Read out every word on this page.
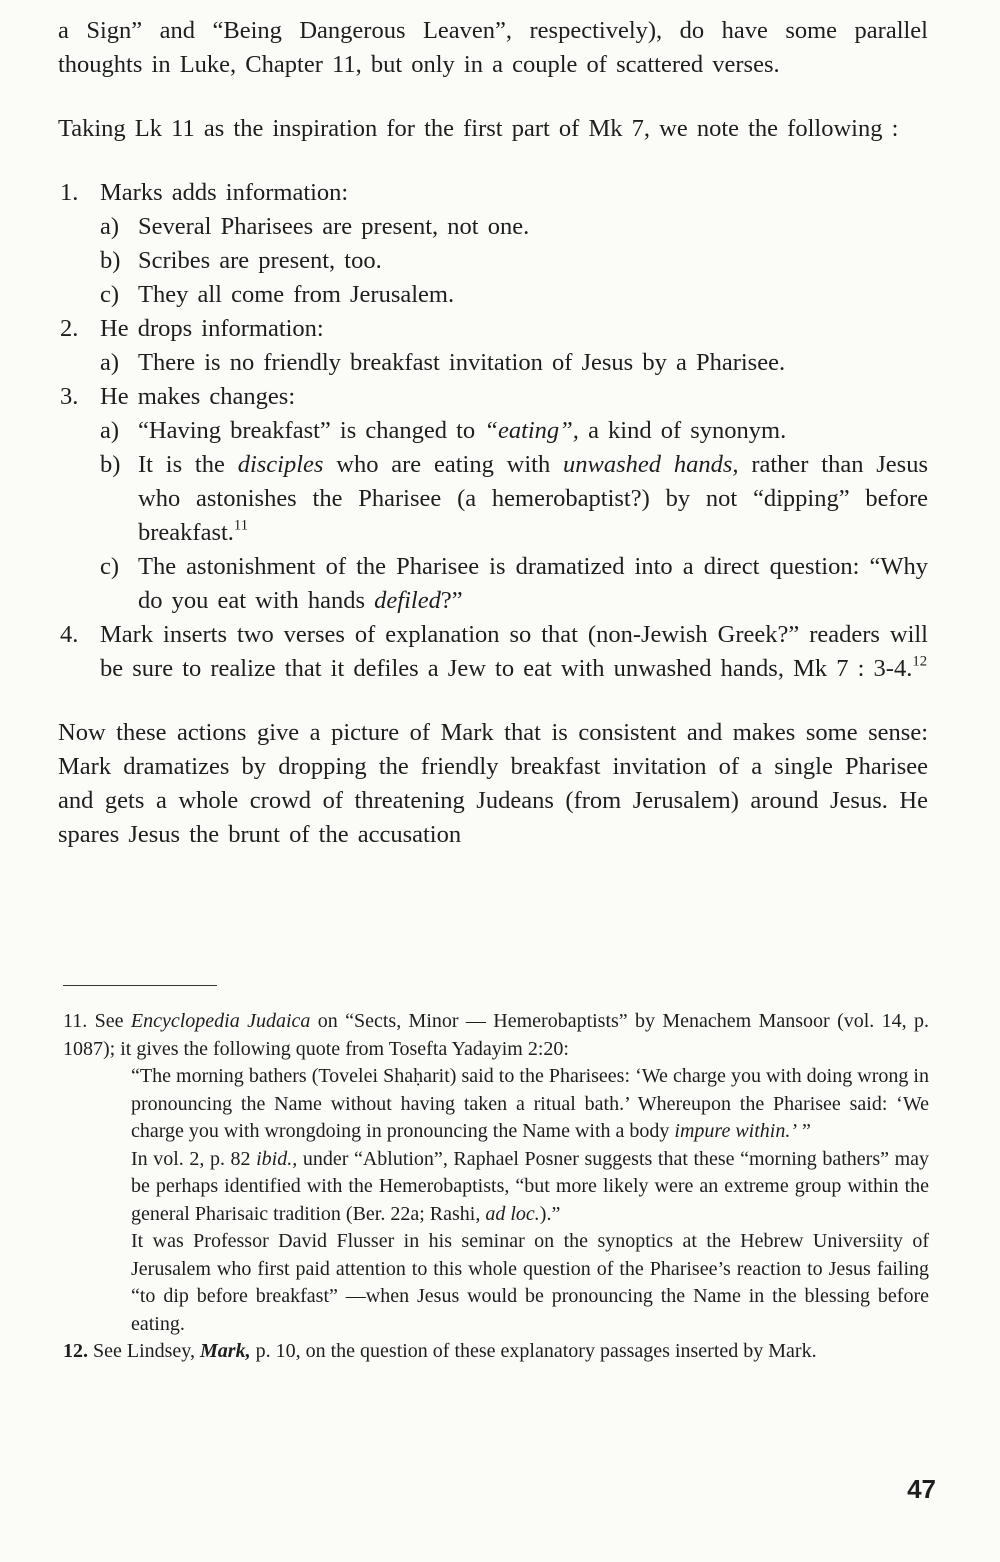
a Sign” and “Being Dangerous Leaven”, respectively), do have some parallel thoughts in Luke, Chapter 11, but only in a couple of scattered verses.

Taking Lk 11 as the inspiration for the first part of Mk 7, we note the following :

1. Marks adds information:
a) Several Pharisees are present, not one.
b) Scribes are present, too.
c) They all come from Jerusalem.
2. He drops information:
a) There is no friendly breakfast invitation of Jesus by a Pharisee.
3. He makes changes:
a) “Having breakfast” is changed to “eating”, a kind of synonym.
b) It is the disciples who are eating with unwashed hands, rather than Jesus who astonishes the Pharisee (a hemerobaptist?) by not “dipping” before breakfast.$^{11}$
c) The astonishment of the Pharisee is dramatized into a direct question: “Why do you eat with hands defiled?”
4. Mark inserts two verses of explanation so that (non-Jewish Greek?” readers will be sure to realize that it defiles a Jew to eat with unwashed hands, Mk 7 : 3-4.12

Now these actions give a picture of Mark that is consistent and makes some sense: Mark dramatizes by dropping the friendly breakfast invitation of a single Pharisee and gets a whole crowd of threatening Judeans (from Jerusalem) around Jesus. He spares Jesus the brunt of the accusation

11. See Encyclopedia Judaica on “Sects, Minor — Hemerobaptists” by Menachem Mansoor (vol. 14, p. 1087); it gives the following quote from Tosefta Yadayim 2:20:

“The morning bathers (Tovelei Shaḥarit) said to the Pharisees: ‘We charge you with doing wrong in pronouncing the Name without having taken a ritual bath.’ Whereupon the Pharisee said: ‘We charge you with wrongdoing in pronouncing the Name with a body impure within.’ ”

In vol. 2, p. 82 ibid., under “Ablution”, Raphael Posner suggests that these “morning bathers” may be perhaps identified with the Hemerobaptists, “but more likely were an extreme group within the general Pharisaic tradition (Ber. 22a; Rashi, ad loc.).”

It was Professor David Flusser in his seminar on the synoptics at the Hebrew Universiity of Jerusalem who first paid attention to this whole question of the Pharisee’s reaction to Jesus failing “to dip before breakfast” —when Jesus would be pronouncing the Name in the blessing before eating.

12. See Lindsey, Mark, p. 10, on the question of these explanatory passages inserted by Mark.

47
